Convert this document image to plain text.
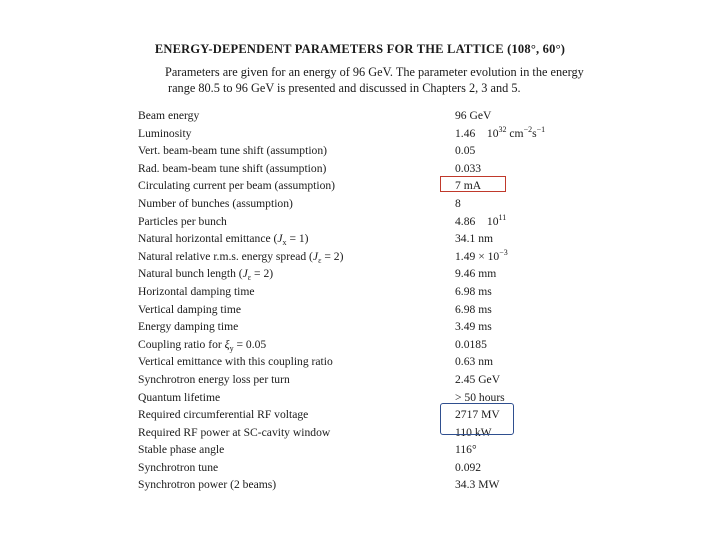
ENERGY-DEPENDENT PARAMETERS FOR THE LATTICE (108°, 60°)
Parameters are given for an energy of 96 GeV. The parameter evolution in the energy
range 80.5 to 96 GeV is presented and discussed in Chapters 2, 3 and 5.
Beam energy	96 GeV
Luminosity	1.46  $10^{32}$ $cm^{-2}s^{-1}$
Vert. beam-beam tune shift (assumption)	0.05
Rad. beam-beam tune shift (assumption)	0.033
Circulating current per beam (assumption)	7 mA
Number of bunches (assumption)	8
Particles per bunch	4.86  $10^{11}$
Natural horizontal emittance $(J_x = 1)$	34.1 nm
Natural relative r.m.s. energy spread $(J_\varepsilon = 2)$	$1.49 \times 10^{-3}$
Natural bunch length $(J_\varepsilon = 2)$	9.46 mm
Horizontal damping time	6.98 ms
Vertical damping time	6.98 ms
Energy damping time	3.49 ms
Coupling ratio for $\xi_y = 0.05$	0.0185
Vertical emittance with this coupling ratio	0.63 nm
Synchrotron energy loss per turn	2.45 GeV
Quantum lifetime	> 50 hours
Required circumferential RF voltage	2717 MV
Required RF power at SC-cavity window	110 kW
Stable phase angle	116°
Synchrotron tune	0.092
Synchrotron power (2 beams)	34.3 MW
